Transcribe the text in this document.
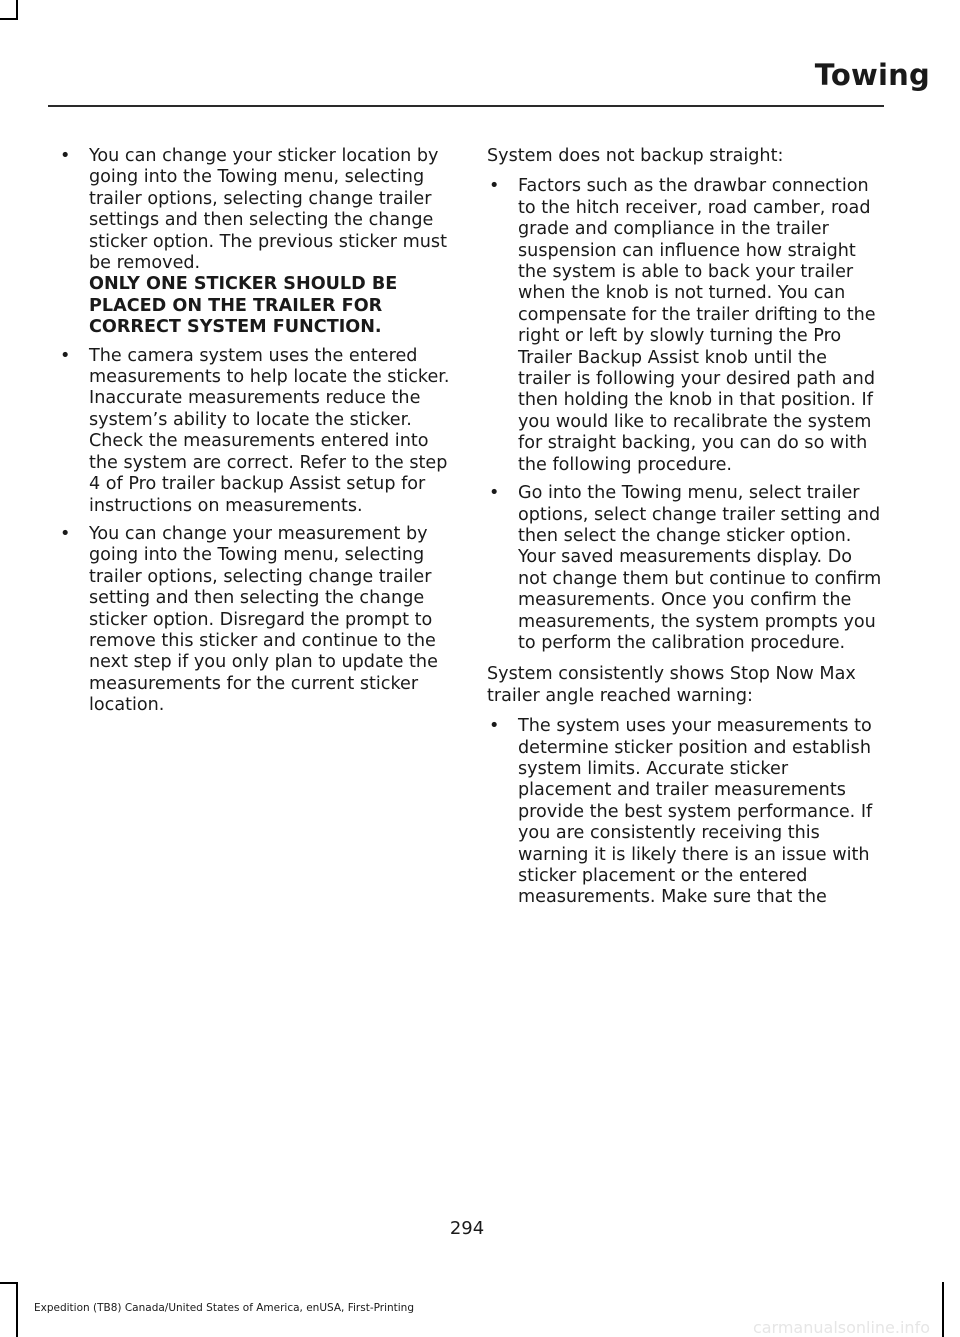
Towing
• You can change your sticker location by going into the Towing menu, selecting trailer options, selecting change trailer settings and then selecting the change sticker option. The previous sticker must be removed.
ONLY ONE STICKER SHOULD BE PLACED ON THE TRAILER FOR CORRECT SYSTEM FUNCTION.
• The camera system uses the entered measurements to help locate the sticker. Inaccurate measurements reduce the system’s ability to locate the sticker. Check the measurements entered into the system are correct. Refer to the step 4 of Pro trailer backup Assist setup for instructions on measurements.
• You can change your measurement by going into the Towing menu, selecting trailer options, selecting change trailer setting and then selecting the change sticker option. Disregard the prompt to remove this sticker and continue to the next step if you only plan to update the measurements for the current sticker location.

System does not backup straight:

• Factors such as the drawbar connection to the hitch receiver, road camber, road grade and compliance in the trailer suspension can influence how straight the system is able to back your trailer when the knob is not turned. You can compensate for the trailer drifting to the right or left by slowly turning the Pro Trailer Backup Assist knob until the trailer is following your desired path and then holding the knob in that position. If you would like to recalibrate the system for straight backing, you can do so with the following procedure.
• Go into the Towing menu, select trailer options, select change trailer setting and then select the change sticker option. Your saved measurements display. Do not change them but continue to confirm measurements. Once you confirm the measurements, the system prompts you to perform the calibration procedure.

System consistently shows Stop Now Max trailer angle reached warning:

• The system uses your measurements to determine sticker position and establish system limits. Accurate sticker placement and trailer measurements provide the best system performance. If you are consistently receiving this warning it is likely there is an issue with sticker placement or the entered measurements. Make sure that the
294
Expedition (TB8) Canada/United States of America, enUSA, First-Printing
carmanualsonline.info
